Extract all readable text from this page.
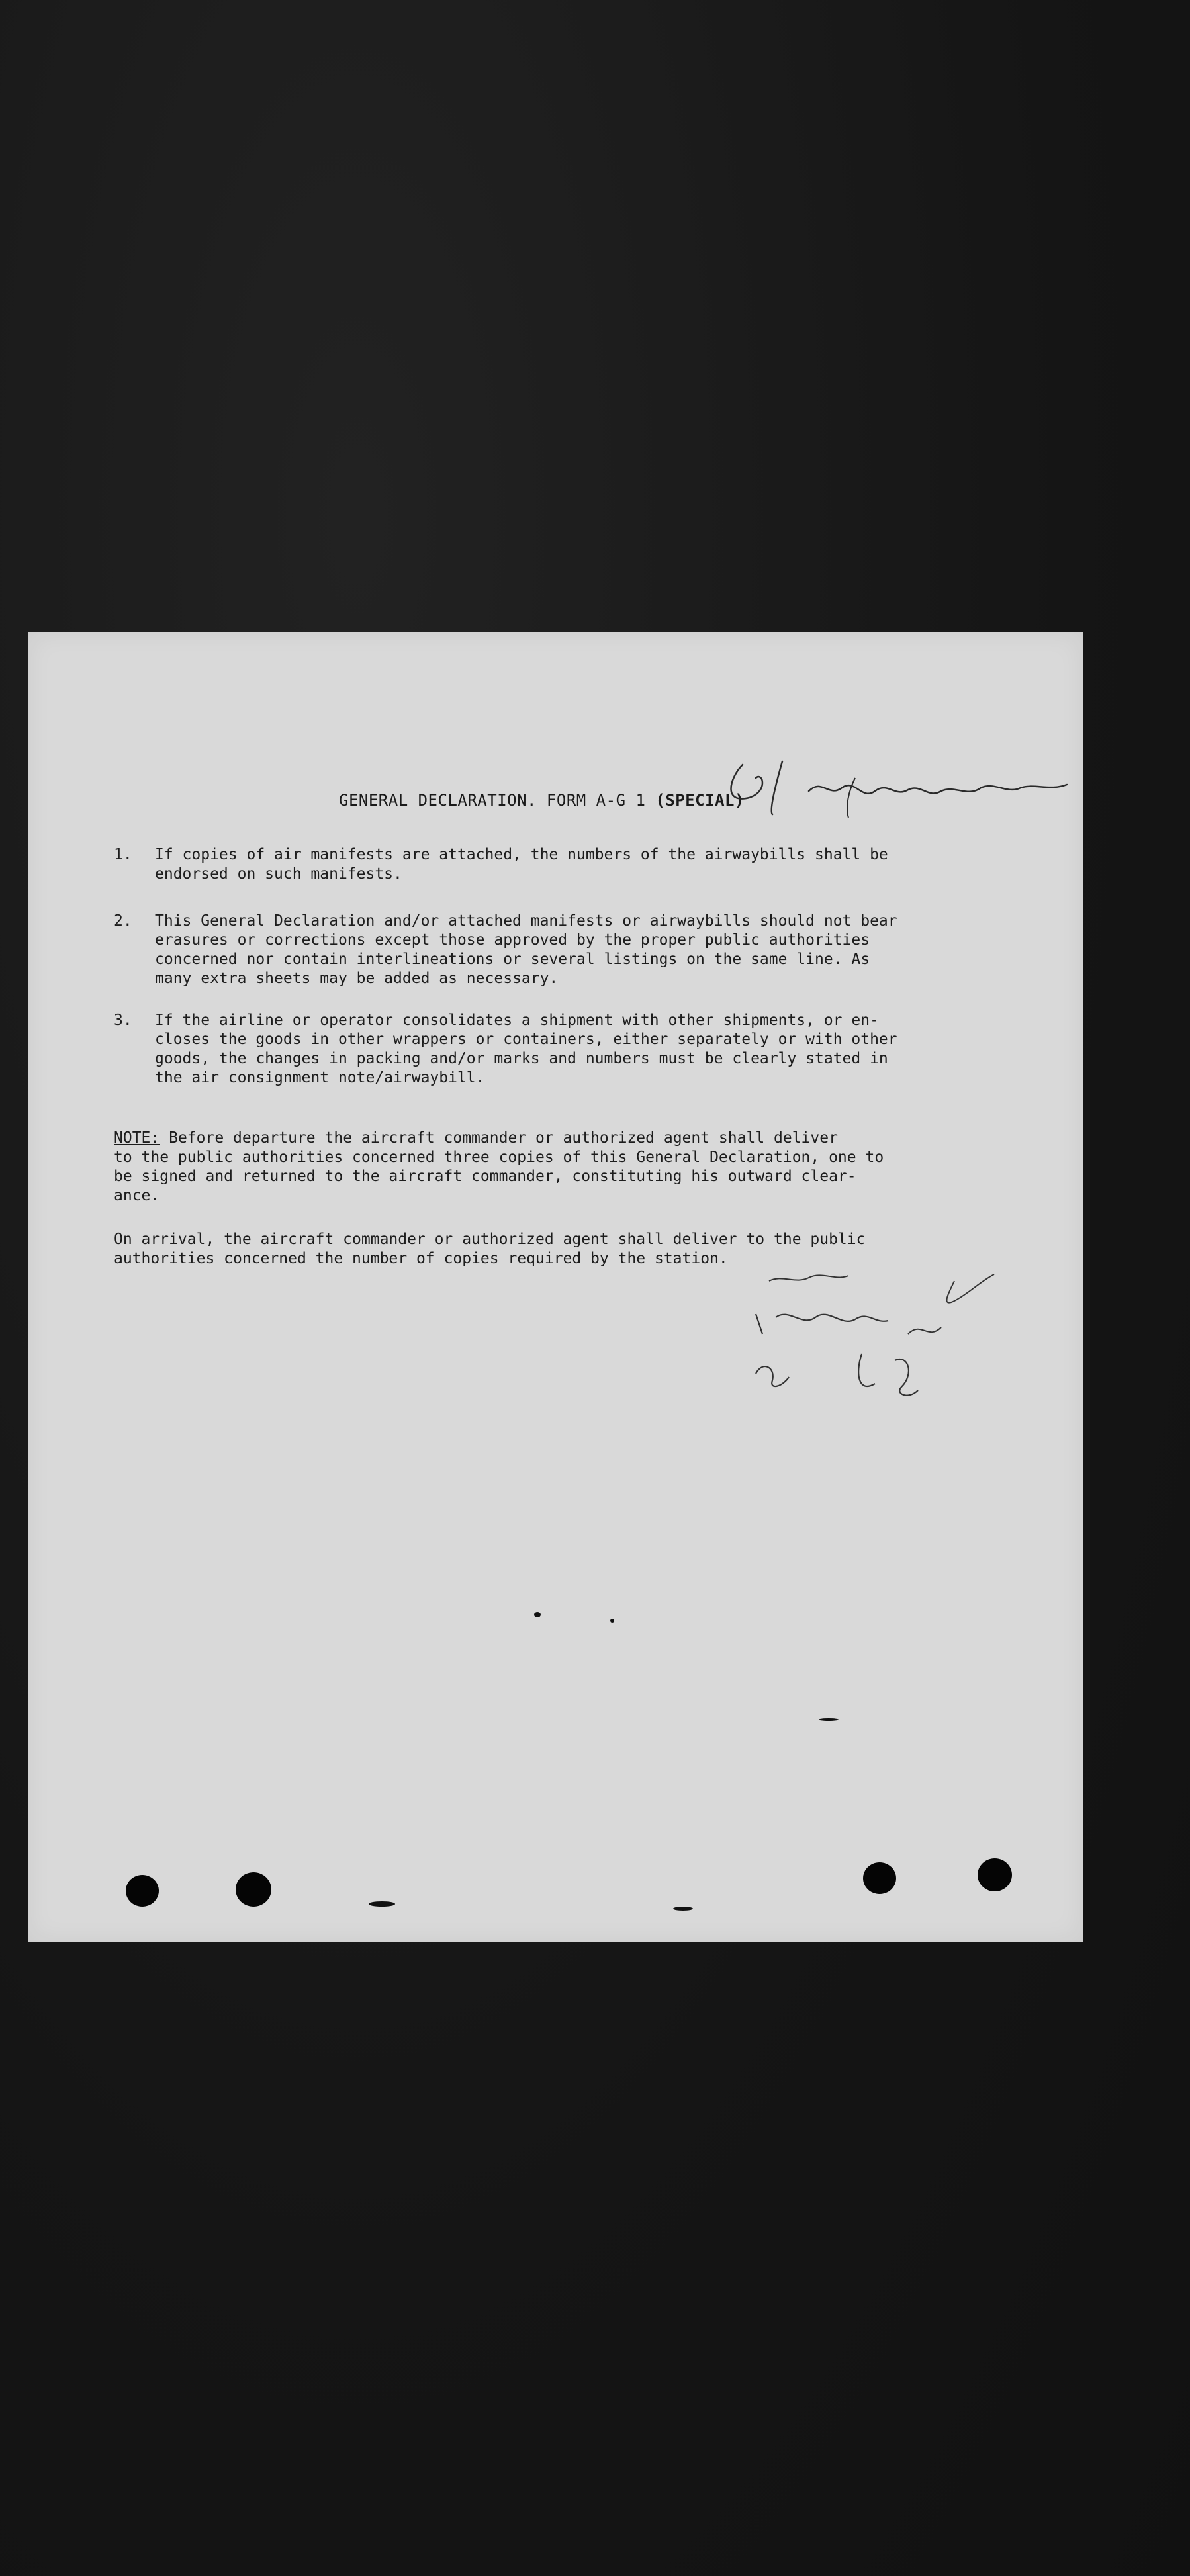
GENERAL DECLARATION. FORM A-G 1 (SPECIAL)
1. If copies of air manifests are attached, the numbers of the airwaybills shall be
endorsed on such manifests.
2. This General Declaration and/or attached manifests or airwaybills should not bear
erasures or corrections except those approved by the proper public authorities
concerned nor contain interlineations or several listings on the same line. As
many extra sheets may be added as necessary.
3. If the airline or operator consolidates a shipment with other shipments, or en-
closes the goods in other wrappers or containers, either separately or with other
goods, the changes in packing and/or marks and numbers must be clearly stated in
the air consignment note/airwaybill.
NOTE: Before departure the aircraft commander or authorized agent shall deliver
to the public authorities concerned three copies of this General Declaration, one to
be signed and returned to the aircraft commander, constituting his outward clear-
ance.
On arrival, the aircraft commander or authorized agent shall deliver to the public
authorities concerned the number of copies required by the station.
